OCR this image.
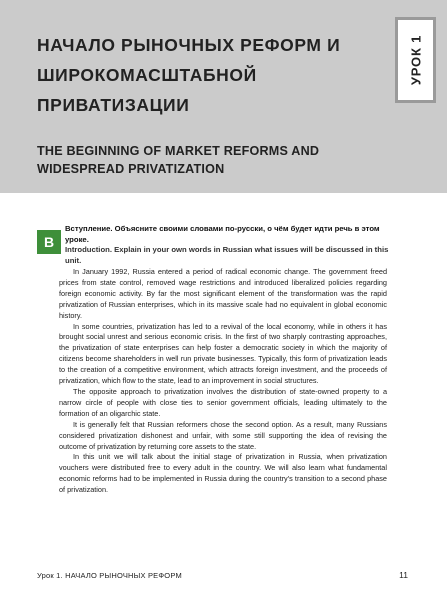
НАЧАЛО РЫНОЧНЫХ РЕФОРМ И ШИРОКОМАСШТАБНОЙ ПРИВАТИЗАЦИИ
THE BEGINNING OF MARKET REFORMS AND WIDESPREAD PRIVATIZATION
УРОК 1
B
Вступление. Объясните своими словами по-русски, о чём будет идти речь в этом уроке.
Introduction. Explain in your own words in Russian what issues will be discussed in this unit.

In January 1992, Russia entered a period of radical economic change. The government freed prices from state control, removed wage restrictions and introduced liberalized policies regarding foreign economic activity. By far the most significant element of the transformation was the rapid privatization of Russian enterprises, which in its massive scale had no equivalent in global economic history.

In some countries, privatization has led to a revival of the local economy, while in others it has brought social unrest and serious economic crisis. In the first of two sharply contrasting approaches, the privatization of state enterprises can help foster a democratic society in which the majority of citizens become shareholders in well run private businesses. Typically, this form of privatization leads to the creation of a competitive environment, which attracts foreign investment, and the proceeds of privatization, which flow to the state, lead to an improvement in social structures.

The opposite approach to privatization involves the distribution of state-owned property to a narrow circle of people with close ties to senior government officials, leading ultimately to the formation of an oligarchic state.

It is generally felt that Russian reformers chose the second option. As a result, many Russians considered privatization dishonest and unfair, with some still supporting the idea of revising the outcome of privatization by returning core assets to the state.

In this unit we will talk about the initial stage of privatization in Russia, when privatization vouchers were distributed free to every adult in the country. We will also learn what fundamental economic reforms had to be implemented in Russia during the country's transition to a second phase of privatization.

Урок 1. НАЧАЛО РЫНОЧНЫХ РЕФОРМ	11
